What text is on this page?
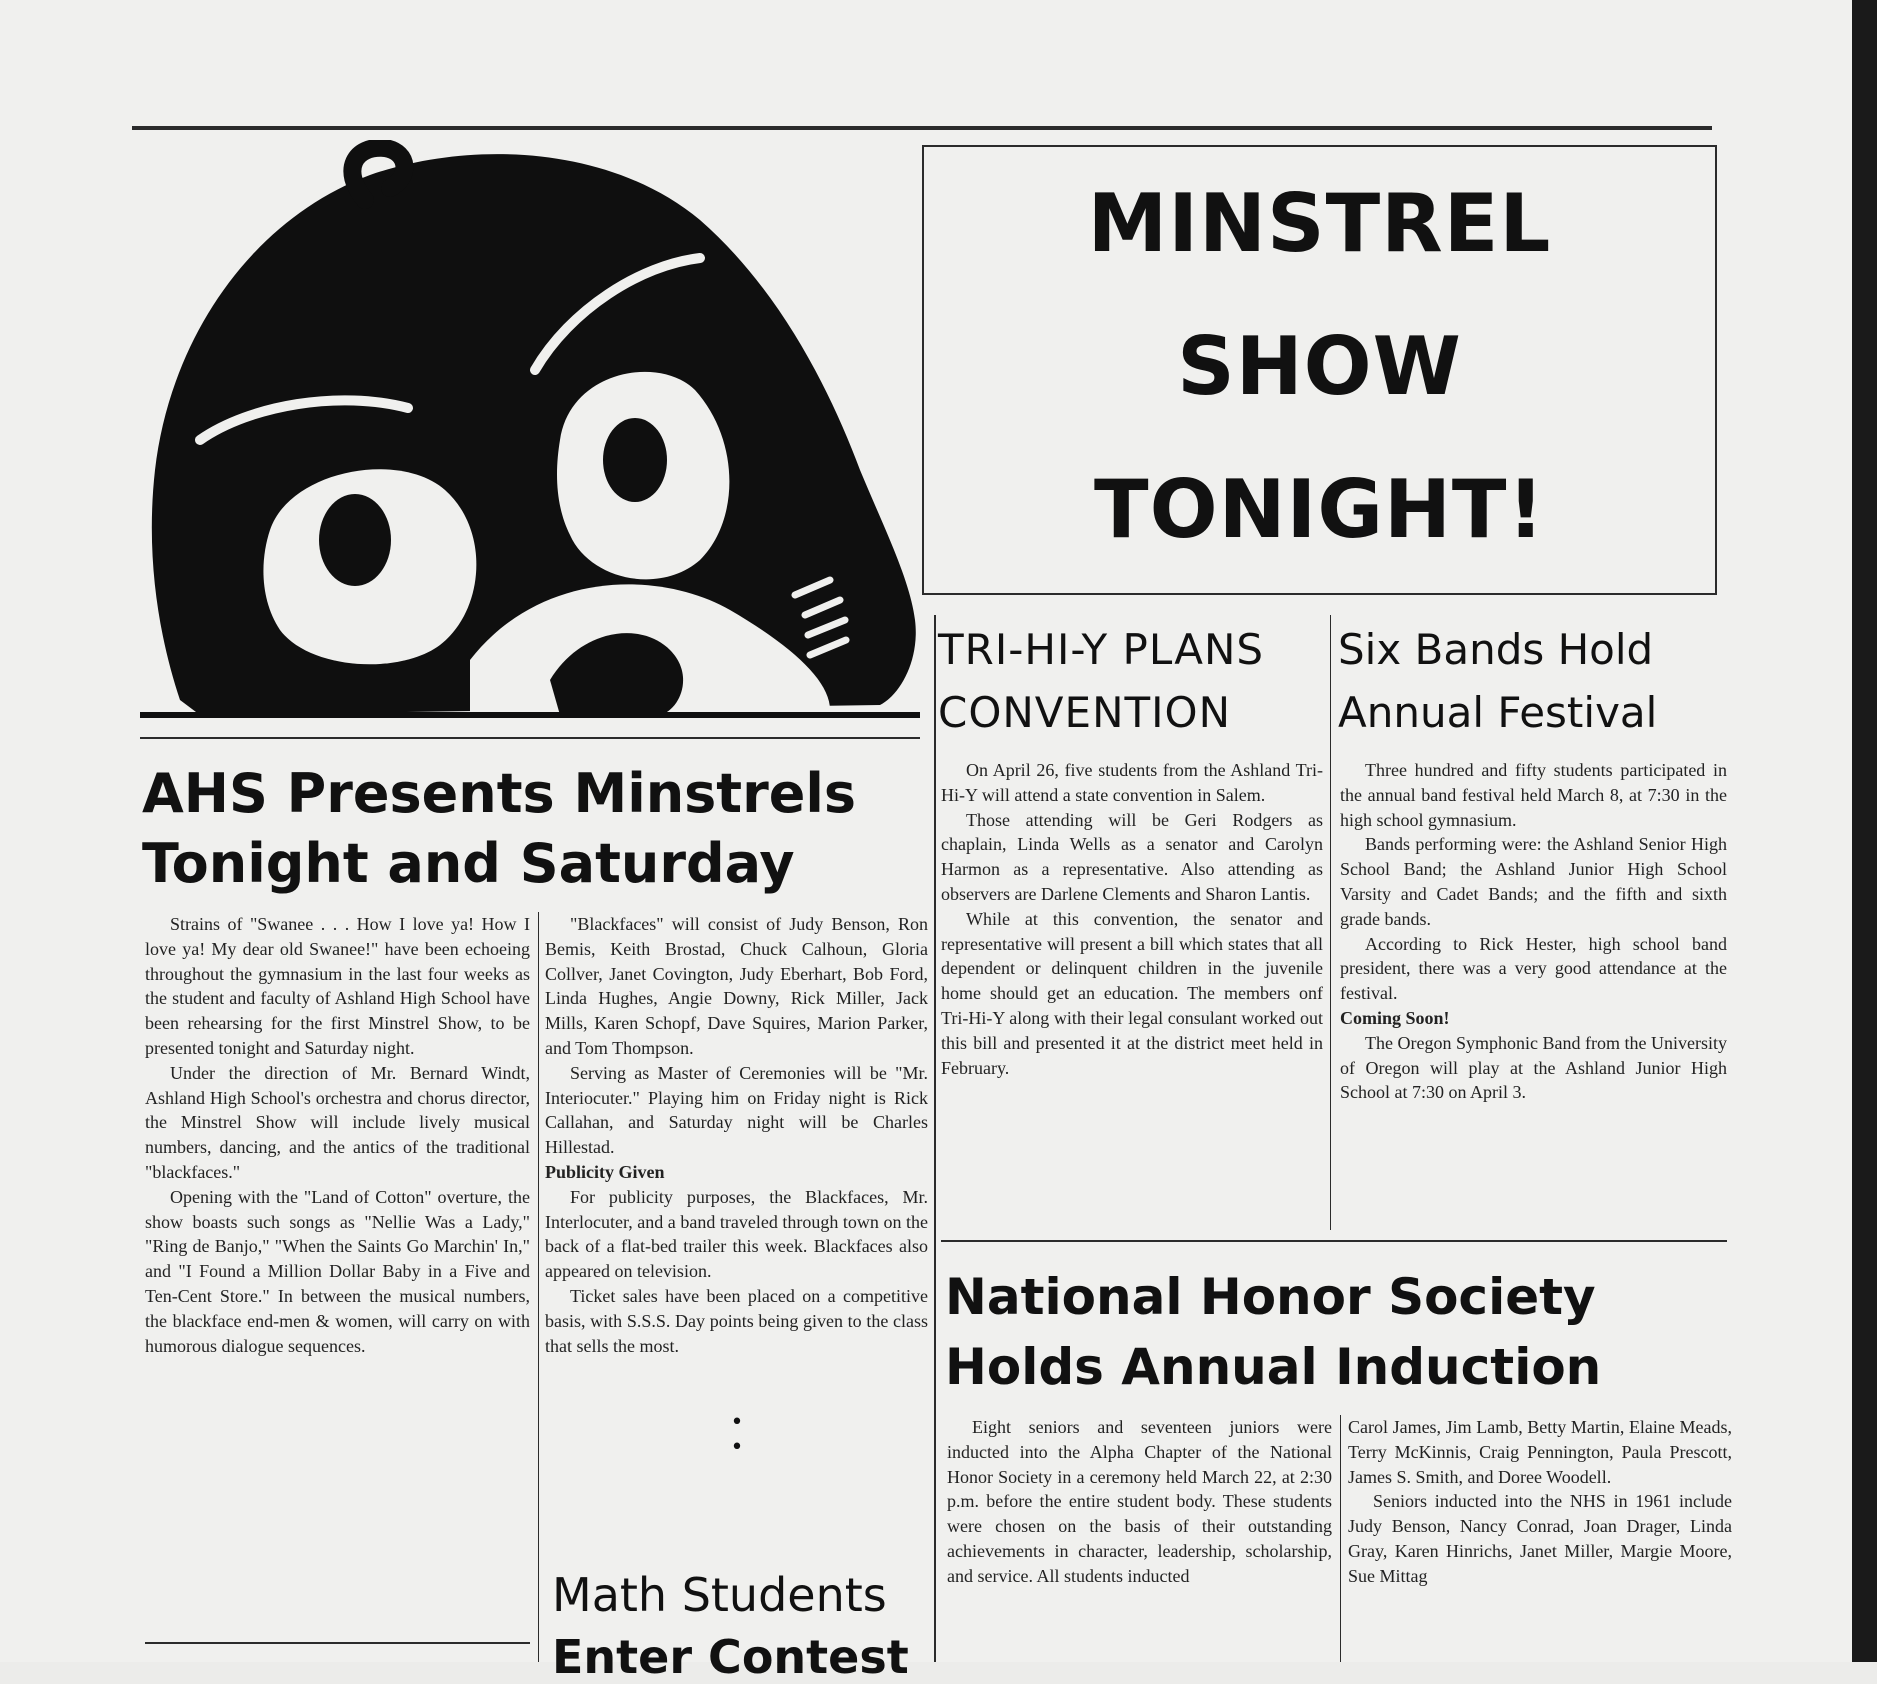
MINSTREL
SHOW
TONIGHT!
AHS Presents Minstrels
Tonight and Saturday

Strains of "Swanee . . . How I love ya! How I love ya! My dear old Swanee!" have been echoeing throughout the gymnasium in the last four weeks as the student and faculty of Ashland High School have been rehearsing for the first Minstrel Show, to be presented tonight and Saturday night.

Under the direction of Mr. Bernard Windt, Ashland High School's orchestra and chorus director, the Minstrel Show will include lively musical numbers, dancing, and the antics of the traditional "blackfaces."

Opening with the "Land of Cotton" overture, the show boasts such songs as "Nellie Was a Lady," "Ring de Banjo," "When the Saints Go Marchin' In," and "I Found a Million Dollar Baby in a Five and Ten-Cent Store." In between the musical numbers, the blackface end-men & women, will carry on with humorous dialogue sequences.

"Blackfaces" will consist of Judy Benson, Ron Bemis, Keith Brostad, Chuck Calhoun, Gloria Collver, Janet Covington, Judy Eberhart, Bob Ford, Linda Hughes, Angie Downy, Rick Miller, Jack Mills, Karen Schopf, Dave Squires, Marion Parker, and Tom Thompson.

Serving as Master of Ceremonies will be "Mr. Interiocuter." Playing him on Friday night is Rick Callahan, and Saturday night will be Charles Hillestad.

Publicity Given

For publicity purposes, the Blackfaces, Mr. Interlocuter, and a band traveled through town on the back of a flat-bed trailer this week. Blackfaces also appeared on television.

Ticket sales have been placed on a competitive basis, with S.S.S. Day points being given to the class that sells the most.

• •
Math Students
Enter Contest
TRI-HI-Y PLANS
CONVENTION

On April 26, five students from the Ashland Tri-Hi-Y will attend a state convention in Salem.

Those attending will be Geri Rodgers as chaplain, Linda Wells as a senator and Carolyn Harmon as a representative. Also attending as observers are Darlene Clements and Sharon Lantis.

While at this convention, the senator and representative will present a bill which states that all dependent or delinquent children in the juvenile home should get an education. The members onf Tri-Hi-Y along with their legal consulant worked out this bill and presented it at the district meet held in February.

Six Bands Hold
Annual Festival

Three hundred and fifty students participated in the annual band festival held March 8, at 7:30 in the high school gymnasium.

Bands performing were: the Ashland Senior High School Band; the Ashland Junior High School Varsity and Cadet Bands; and the fifth and sixth grade bands.

According to Rick Hester, high school band president, there was a very good attendance at the festival.

Coming Soon!

The Oregon Symphonic Band from the University of Oregon will play at the Ashland Junior High School at 7:30 on April 3.

National Honor Society
Holds Annual Induction

Eight seniors and seventeen juniors were inducted into the Alpha Chapter of the National Honor Society in a ceremony held March 22, at 2:30 p.m. before the entire student body. These students were chosen on the basis of their outstanding achievements in character, leadership, scholarship, and service. All students inducted

Carol James, Jim Lamb, Betty Martin, Elaine Meads, Terry McKinnis, Craig Pennington, Paula Prescott, James S. Smith, and Doree Woodell.

Seniors inducted into the NHS in 1961 include Judy Benson, Nancy Conrad, Joan Drager, Linda Gray, Karen Hinrichs, Janet Miller, Margie Moore, Sue Mittag
